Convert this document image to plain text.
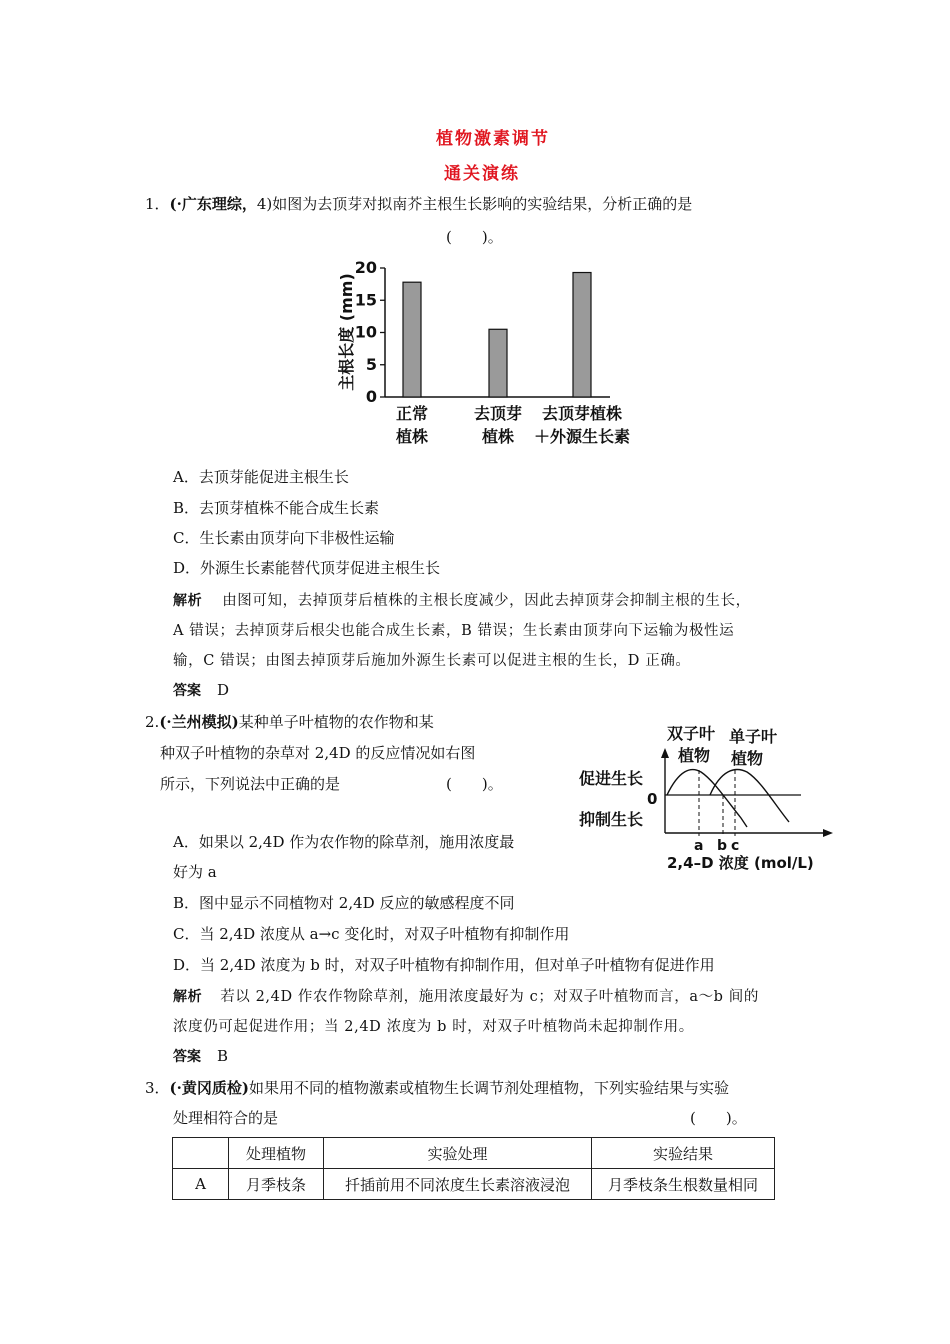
植物激素调节
通关演练
1．(·广东理综，4)如图为去顶芽对拟南芥主根生长影响的实验结果，分析正确的是
(　　)。
20
15
10
5
0
主根长度 (mm)
正常
植株
去顶芽
植株
去顶芽植株
＋外源生长素
A．去顶芽能促进主根生长
B．去顶芽植株不能合成生长素
C．生长素由顶芽向下非极性运输
D．外源生长素能替代顶芽促进主根生长
解析 由图可知，去掉顶芽后植株的主根长度减少，因此去掉顶芽会抑制主根的生长，
A 错误；去掉顶芽后根尖也能合成生长素，B 错误；生长素由顶芽向下运输为极性运
输，C 错误；由图去掉顶芽后施加外源生长素可以促进主根的生长，D 正确。
答案 D
2.(·兰州模拟)某种单子叶植物的农作物和某
种双子叶植物的杂草对 2,4D 的反应情况如右图
所示，下列说法中正确的是	(　　)。
双子叶
植物
单子叶
植物
促进生长
0
抑制生长
a b c
2,4–D 浓度 (mol/L)
A．如果以 2,4D 作为农作物的除草剂，施用浓度最
好为 a
B．图中显示不同植物对 2,4D 反应的敏感程度不同
C．当 2,4D 浓度从 a→c 变化时，对双子叶植物有抑制作用
D．当 2,4D 浓度为 b 时，对双子叶植物有抑制作用，但对单子叶植物有促进作用
解析 若以 2,4D 作农作物除草剂，施用浓度最好为 c；对双子叶植物而言，a～b 间的
浓度仍可起促进作用；当 2,4D 浓度为 b 时，对双子叶植物尚未起抑制作用。
答案 B
3．(·黄冈质检)如果用不同的植物激素或植物生长调节剂处理植物，下列实验结果与实验
处理相符合的是	(　　)。
	处理植物	实验处理	实验结果
A	月季枝条	扦插前用不同浓度生长素溶液浸泡	月季枝条生根数量相同
